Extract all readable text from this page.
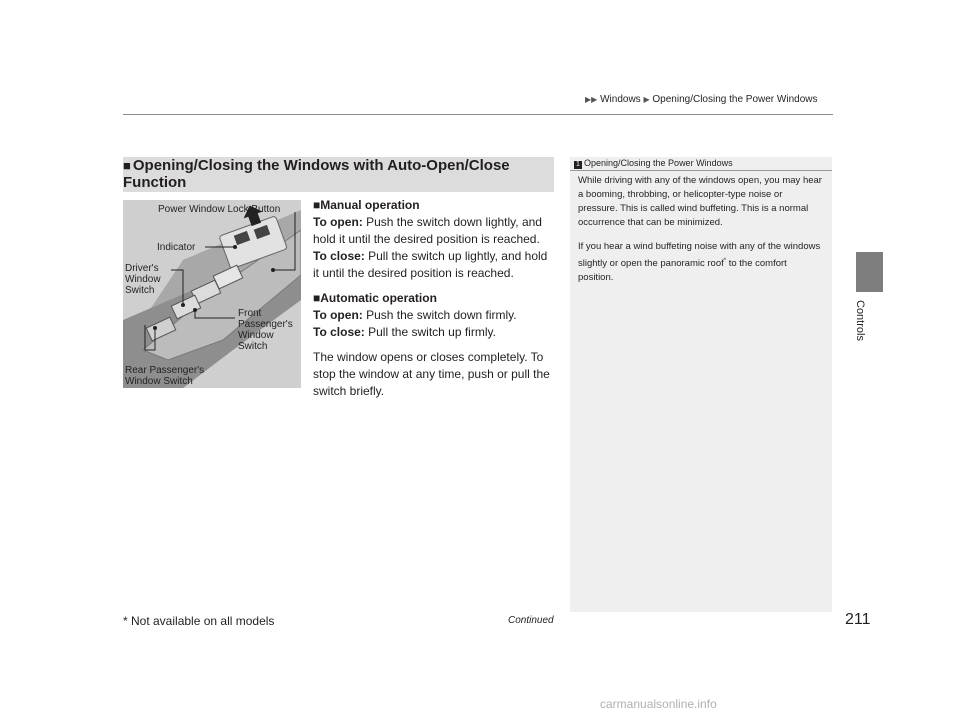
▶▶ Windows ▶ Opening/Closing the Power Windows
Controls
■ Opening/Closing the Windows with Auto-Open/Close Function
Power Window Lock Button
Indicator
Driver's
Window
Switch
Front
Passenger's
Window
Switch
Rear Passenger's
Window Switch
■Manual operation

To open: Push the switch down lightly, and hold it until the desired position is reached.

To close: Pull the switch up lightly, and hold it until the desired position is reached.

■Automatic operation

To open: Push the switch down firmly.

To close: Pull the switch up firmly.

The window opens or closes completely. To stop the window at any time, push or pull the switch briefly.

1 Opening/Closing the Power Windows

While driving with any of the windows open, you may hear a booming, throbbing, or helicopter-type noise or pressure. This is called wind buffeting. This is a normal occurrence that can be minimized.

If you hear a wind buffeting noise with any of the windows slightly or open the panoramic roof* to the comfort position.

Continued	211
* Not available on all models
carmanualsonline.info
